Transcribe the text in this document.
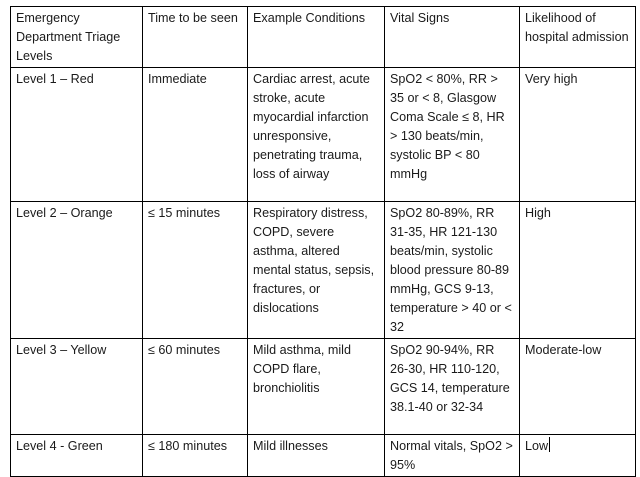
Emergency Department Triage Levels	Time to be seen	Example Conditions	Vital Signs	Likelihood of hospital admission
Level 1 – Red	Immediate	Cardiac arrest, acute stroke, acute myocardial infarction unresponsive, penetrating trauma, loss of airway	SpO2 < 80%, RR > 35 or < 8, Glasgow Coma Scale ≤ 8, HR > 130 beats/min, systolic BP < 80 mmHg	Very high
Level 2 – Orange	≤ 15 minutes	Respiratory distress, COPD, severe asthma, altered mental status, sepsis, fractures, or dislocations	SpO2 80-89%, RR 31-35, HR 121-130 beats/min, systolic blood pressure 80-89 mmHg, GCS 9-13, temperature > 40 or < 32	High
Level 3 – Yellow	≤ 60 minutes	Mild asthma, mild COPD flare, bronchiolitis	SpO2 90-94%, RR 26-30, HR 110-120, GCS 14, temperature 38.1-40 or 32-34	Moderate-low
Level 4 - Green	≤ 180 minutes	Mild illnesses	Normal vitals, SpO2 > 95%	Low
